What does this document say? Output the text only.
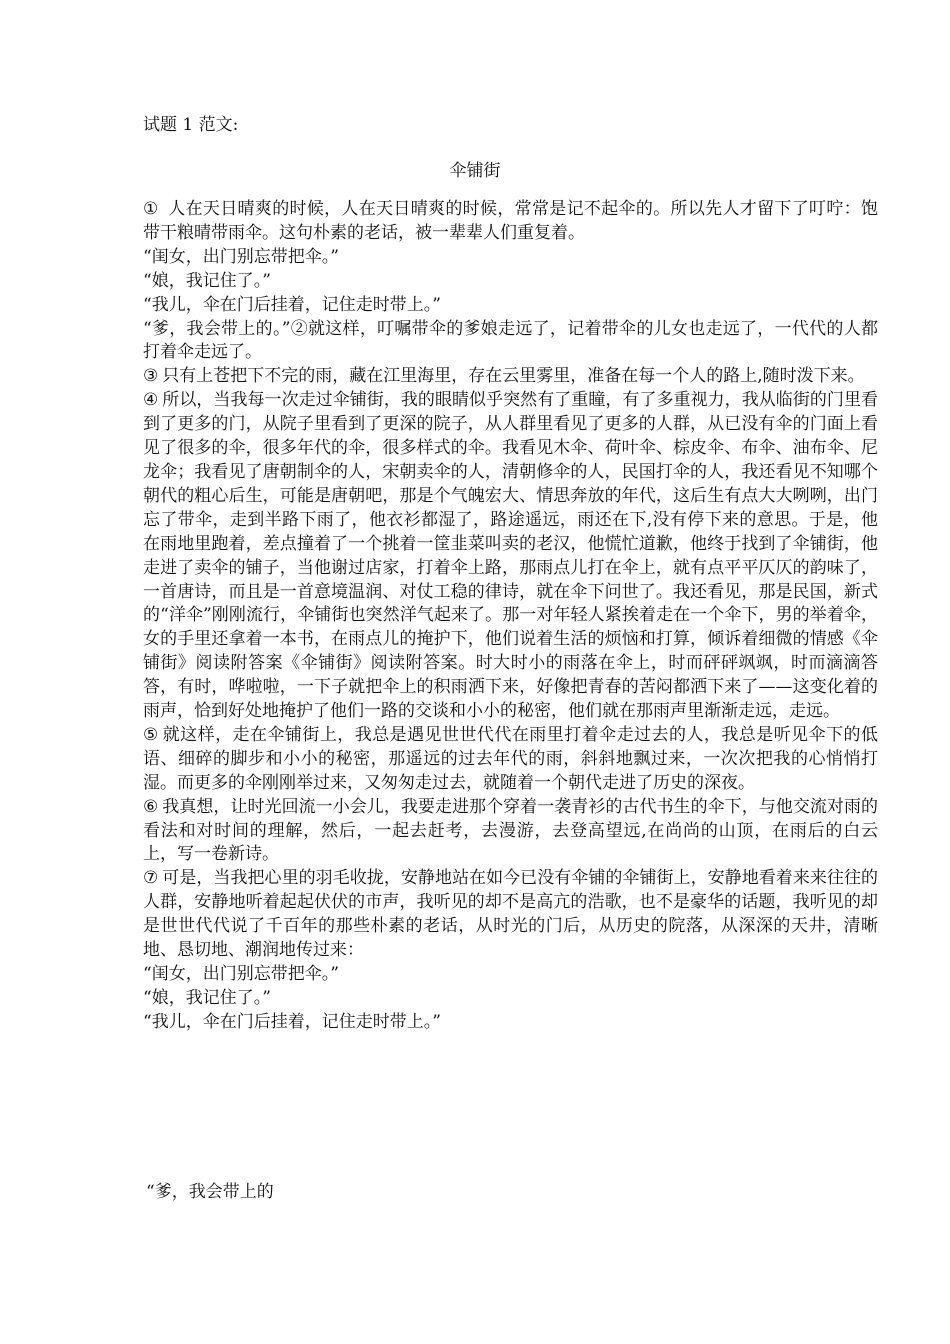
试题 1 范文:
伞铺街

① 人在天日晴爽的时候，人在天日晴爽的时候，常常是记不起伞的。所以先人才留下了叮咛：饱带干粮晴带雨伞。这句朴素的老话，被一辈辈人们重复着。

“闺女，出门别忘带把伞。”

“娘，我记住了。”

“我儿，伞在门后挂着，记住走时带上。”

“爹，我会带上的。”②就这样，叮嘱带伞的爹娘走远了，记着带伞的儿女也走远了，一代代的人都打着伞走远了。

③ 只有上苍把下不完的雨，藏在江里海里，存在云里雾里，准备在每一个人的路上,随时泼下来。

④ 所以，当我每一次走过伞铺街，我的眼睛似乎突然有了重瞳，有了多重视力，我从临街的门里看到了更多的门，从院子里看到了更深的院子，从人群里看见了更多的人群，从已没有伞的门面上看见了很多的伞，很多年代的伞，很多样式的伞。我看见木伞、荷叶伞、棕皮伞、布伞、油布伞、尼龙伞；我看见了唐朝制伞的人，宋朝卖伞的人，清朝修伞的人，民国打伞的人，我还看见不知哪个朝代的粗心后生，可能是唐朝吧，那是个气魄宏大、情思奔放的年代，这后生有点大大咧咧，出门忘了带伞，走到半路下雨了，他衣衫都湿了，路途遥远，雨还在下,没有停下来的意思。于是，他在雨地里跑着，差点撞着了一个挑着一筐韭菜叫卖的老汉，他慌忙道歉，他终于找到了伞铺街，他走进了卖伞的铺子，当他谢过店家，打着伞上路，那雨点儿打在伞上，就有点平平仄仄的韵味了，一首唐诗，而且是一首意境温润、对仗工稳的律诗，就在伞下问世了。我还看见，那是民国，新式的“洋伞”刚刚流行，伞铺街也突然洋气起来了。那一对年轻人紧挨着走在一个伞下，男的举着伞，女的手里还拿着一本书，在雨点儿的掩护下，他们说着生活的烦恼和打算，倾诉着细微的情感《伞铺街》阅读附答案《伞铺街》阅读附答案。时大时小的雨落在伞上，时而砰砰飒飒，时而滴滴答答，有时，哗啦啦，一下子就把伞上的积雨洒下来，好像把青春的苦闷都洒下来了——这变化着的雨声，恰到好处地掩护了他们一路的交谈和小小的秘密，他们就在那雨声里渐渐走远，走远。

⑤ 就这样，走在伞铺街上，我总是遇见世世代代在雨里打着伞走过去的人，我总是听见伞下的低语、细碎的脚步和小小的秘密，那遥远的过去年代的雨，斜斜地飘过来，一次次把我的心悄悄打湿。而更多的伞刚刚举过来，又匆匆走过去，就随着一个朝代走进了历史的深夜。

⑥ 我真想，让时光回流一小会儿，我要走进那个穿着一袭青衫的古代书生的伞下，与他交流对雨的看法和对时间的理解，然后，一起去赶考，去漫游，去登高望远,在尚尚的山顶，在雨后的白云上，写一卷新诗。

⑦ 可是，当我把心里的羽毛收拢，安静地站在如今已没有伞铺的伞铺街上，安静地看着来来往往的人群，安静地听着起起伏伏的市声，我听见的却不是高亢的浩歌，也不是豪华的话题，我听见的却是世世代代说了千百年的那些朴素的老话，从时光的门后，从历史的院落，从深深的天井，清晰地、恳切地、潮润地传过来：

“闺女，出门别忘带把伞。”

“娘，我记住了。”

“我儿，伞在门后挂着，记住走时带上。”

“爹，我会带上的
